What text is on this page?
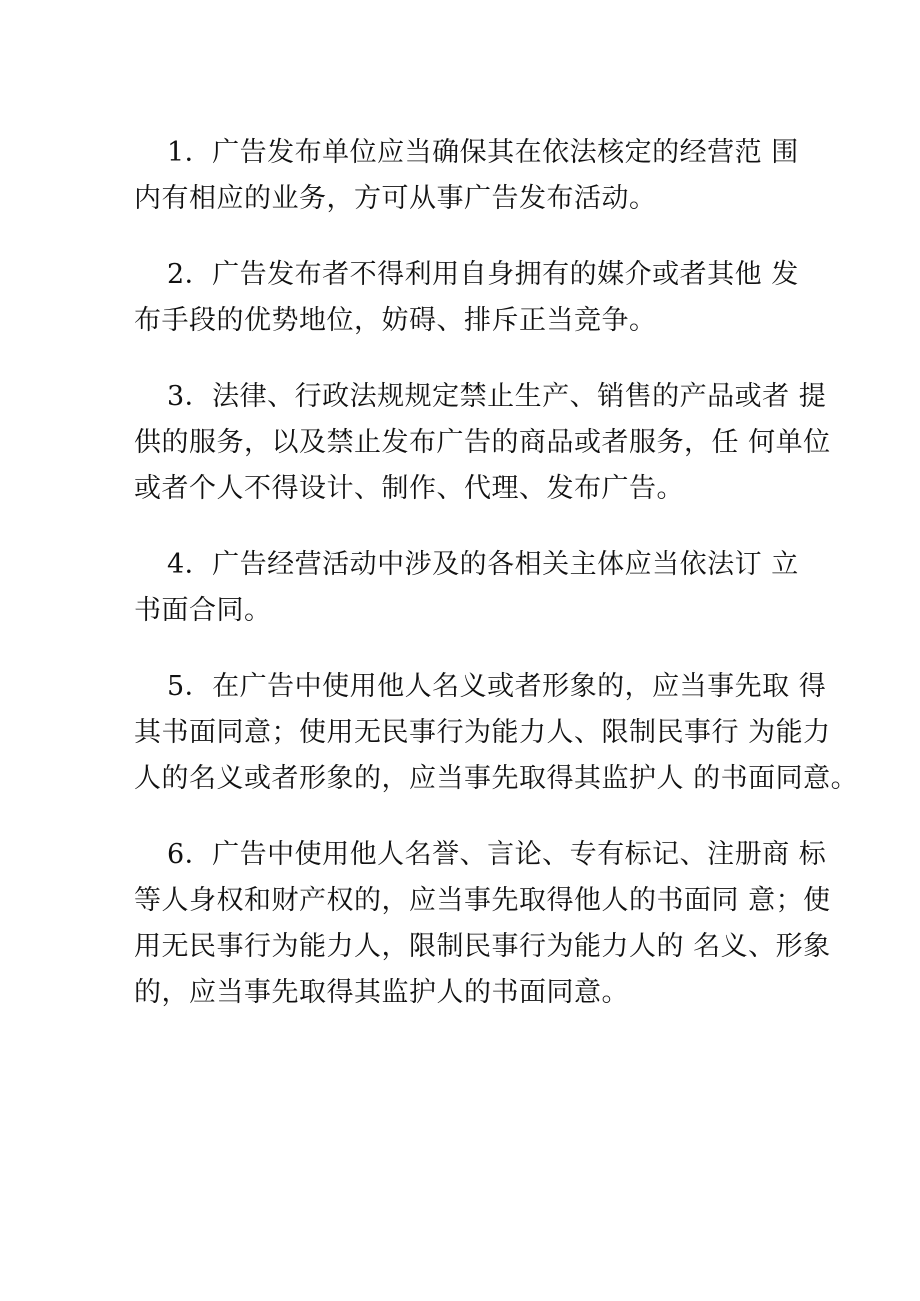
1．广告发布单位应当确保其在依法核定的经营范 围
内有相应的业务，方可从事广告发布活动。
2．广告发布者不得利用自身拥有的媒介或者其他 发
布手段的优势地位，妨碍、排斥正当竞争。
3．法律、行政法规规定禁止生产、销售的产品或者 提
供的服务，以及禁止发布广告的商品或者服务，任 何单位
或者个人不得设计、制作、代理、发布广告。
4．广告经营活动中涉及的各相关主体应当依法订 立
书面合同。
5．在广告中使用他人名义或者形象的，应当事先取 得
其书面同意；使用无民事行为能力人、限制民事行 为能力
人的名义或者形象的，应当事先取得其监护人 的书面同意。
6．广告中使用他人名誉、言论、专有标记、注册商 标
等人身权和财产权的，应当事先取得他人的书面同 意；使
用无民事行为能力人，限制民事行为能力人的 名义、形象
的，应当事先取得其监护人的书面同意。
